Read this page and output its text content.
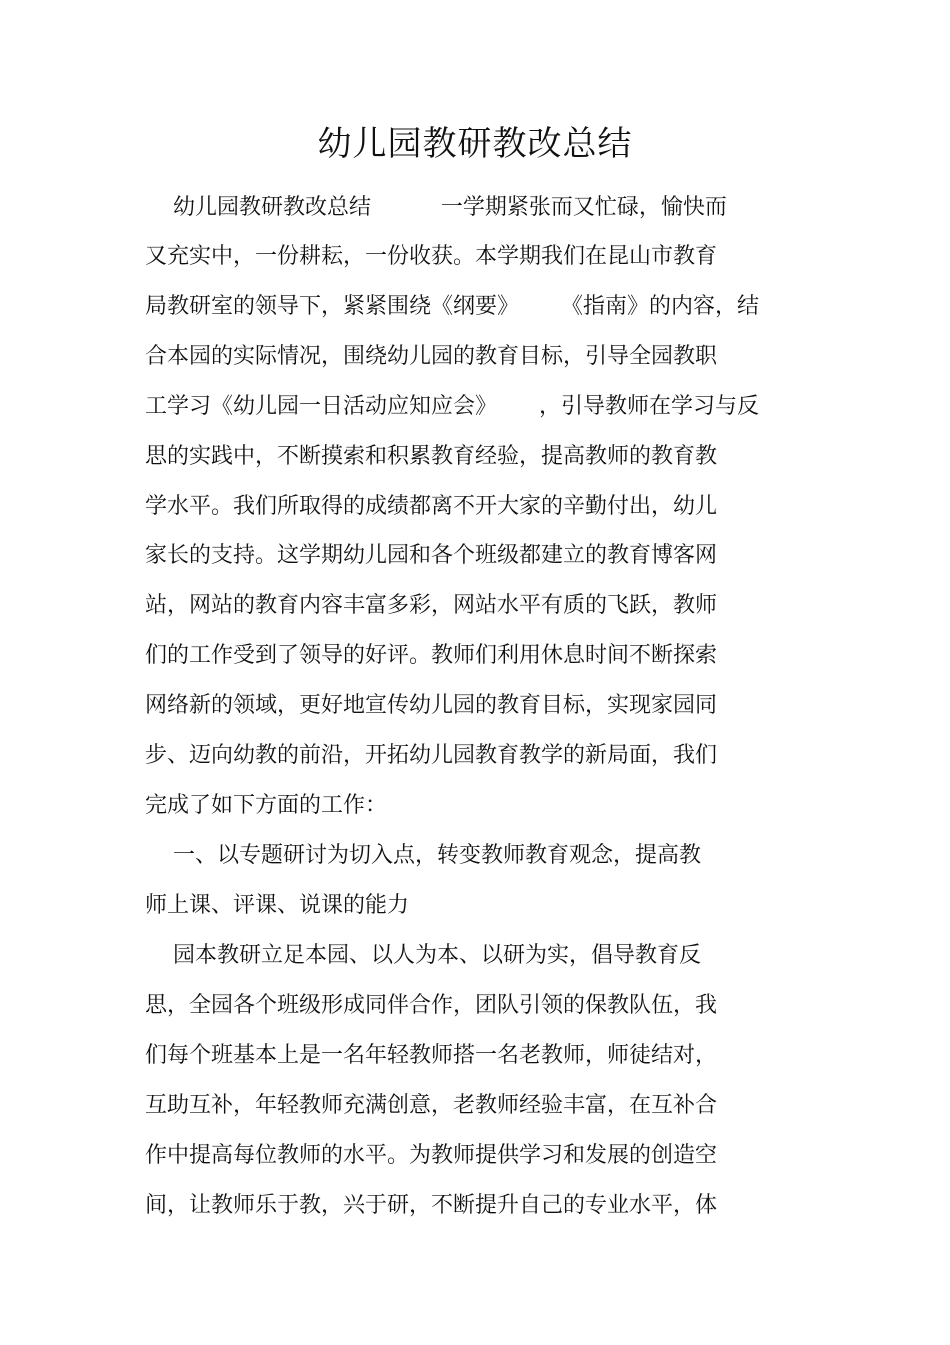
幼儿园教研教改总结
幼儿园教研教改总结          一学期紧张而又忙碌，愉快而
又充实中，一份耕耘，一份收获。本学期我们在昆山市教育
局教研室的领导下，紧紧围绕《纲要》      《指南》的内容，结
合本园的实际情况，围绕幼儿园的教育目标，引导全园教职
工学习《幼儿园一日活动应知应会》      ，引导教师在学习与反
思的实践中，不断摸索和积累教育经验，提高教师的教育教
学水平。我们所取得的成绩都离不开大家的辛勤付出，幼儿
家长的支持。这学期幼儿园和各个班级都建立的教育博客网
站，网站的教育内容丰富多彩，网站水平有质的飞跃，教师
们的工作受到了领导的好评。教师们利用休息时间不断探索
网络新的领域，更好地宣传幼儿园的教育目标，实现家园同
步、迈向幼教的前沿，开拓幼儿园教育教学的新局面，我们
完成了如下方面的工作：
一、以专题研讨为切入点，转变教师教育观念，提高教
师上课、评课、说课的能力
园本教研立足本园、以人为本、以研为实，倡导教育反
思，全园各个班级形成同伴合作，团队引领的保教队伍，我
们每个班基本上是一名年轻教师搭一名老教师，师徒结对，
互助互补，年轻教师充满创意，老教师经验丰富，在互补合
作中提高每位教师的水平。为教师提供学习和发展的创造空
间，让教师乐于教，兴于研，不断提升自己的专业水平，体
